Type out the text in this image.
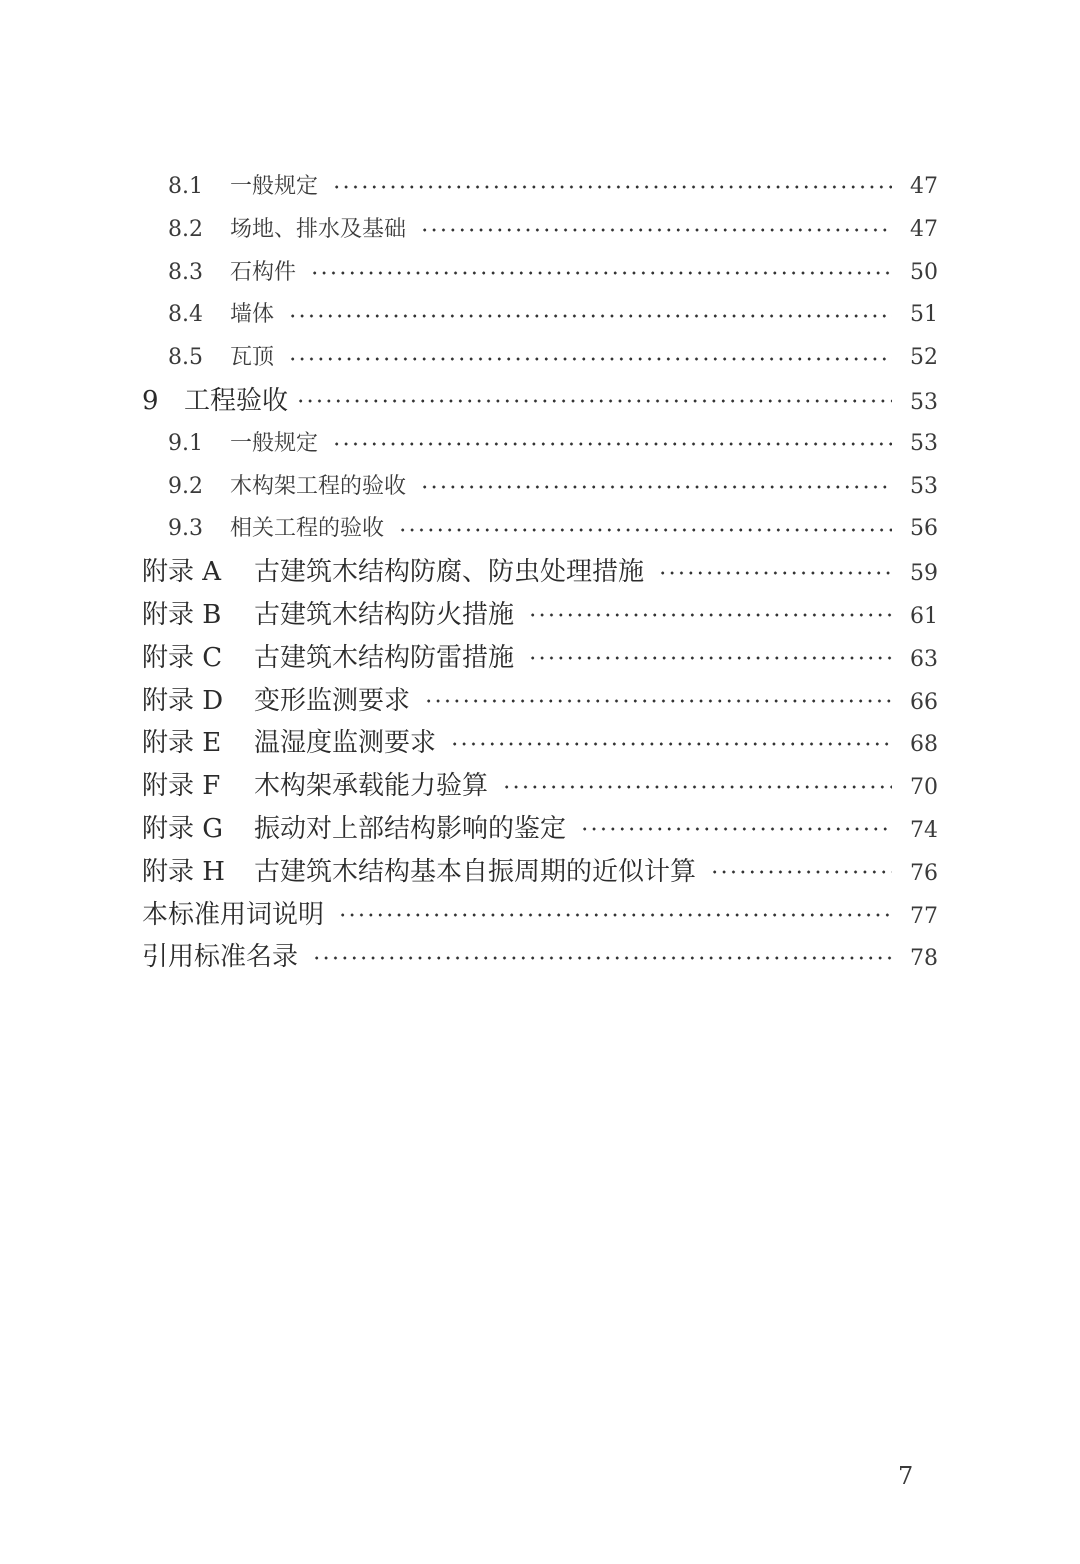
8.1	一般规定	47
8.2	场地、排水及基础	47
8.3	石构件	50
8.4	墙体	51
8.5	瓦顶	52
9 工程验收	53
9.1	一般规定	53
9.2	木构架工程的验收	53
9.3	相关工程的验收	56
附录 A	古建筑木结构防腐、防虫处理措施	59
附录 B	古建筑木结构防火措施	61
附录 C	古建筑木结构防雷措施	63
附录 D	变形监测要求	66
附录 E	温湿度监测要求	68
附录 F	木构架承载能力验算	70
附录 G	振动对上部结构影响的鉴定	74
附录 H	古建筑木结构基本自振周期的近似计算	76
本标准用词说明	77
引用标准名录	78
7
